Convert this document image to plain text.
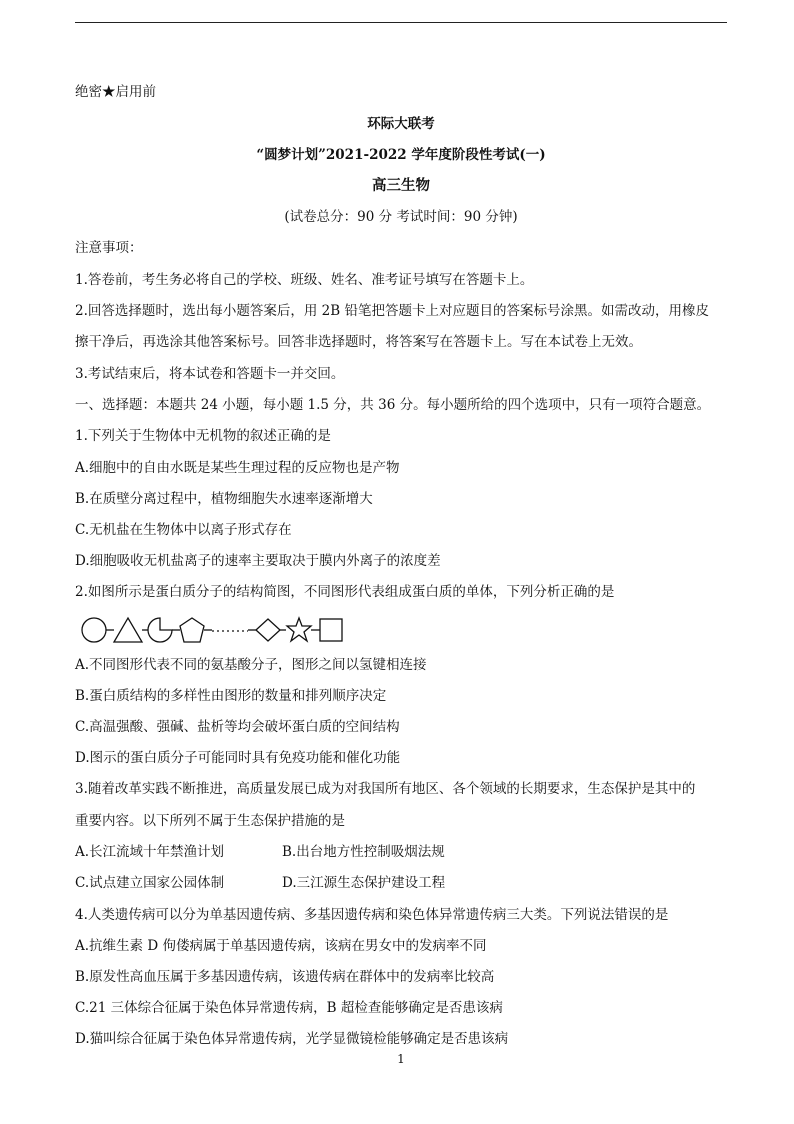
绝密★启用前
环际大联考
“圆梦计划”2021-2022 学年度阶段性考试(一)
高三生物
(试卷总分：90 分 考试时间：90 分钟)
注意事项：
1.答卷前，考生务必将自己的学校、班级、姓名、准考证号填写在答题卡上。
2.回答选择题时，选出每小题答案后，用 2B 铅笔把答题卡上对应题目的答案标号涂黑。如需改动，用橡皮
擦干净后，再选涂其他答案标号。回答非选择题时，将答案写在答题卡上。写在本试卷上无效。
3.考试结束后，将本试卷和答题卡一并交回。
一、选择题：本题共 24 小题，每小题 1.5 分，共 36 分。每小题所给的四个选项中，只有一项符合题意。
1.下列关于生物体中无机物的叙述正确的是
A.细胞中的自由水既是某些生理过程的反应物也是产物
B.在质壁分离过程中，植物细胞失水速率逐渐增大
C.无机盐在生物体中以离子形式存在
D.细胞吸收无机盐离子的速率主要取决于膜内外离子的浓度差
2.如图所示是蛋白质分子的结构简图，不同图形代表组成蛋白质的单体，下列分析正确的是
A.不同图形代表不同的氨基酸分子，图形之间以氢键相连接
B.蛋白质结构的多样性由图形的数量和排列顺序决定
C.高温强酸、强碱、盐析等均会破坏蛋白质的空间结构
D.图示的蛋白质分子可能同时具有免疫功能和催化功能
3.随着改革实践不断推进，高质量发展已成为对我国所有地区、各个领域的长期要求，生态保护是其中的
重要内容。以下所列不属于生态保护措施的是
A.长江流域十年禁渔计划	B.出台地方性控制吸烟法规
C.试点建立国家公园体制	D.三江源生态保护建设工程
4.人类遗传病可以分为单基因遗传病、多基因遗传病和染色体异常遗传病三大类。下列说法错误的是
A.抗维生素 D 佝偻病属于单基因遗传病，该病在男女中的发病率不同
B.原发性高血压属于多基因遗传病，该遗传病在群体中的发病率比较高
C.21 三体综合征属于染色体异常遗传病，B 超检查能够确定是否患该病
D.猫叫综合征属于染色体异常遗传病，光学显微镜检能够确定是否患该病
1
